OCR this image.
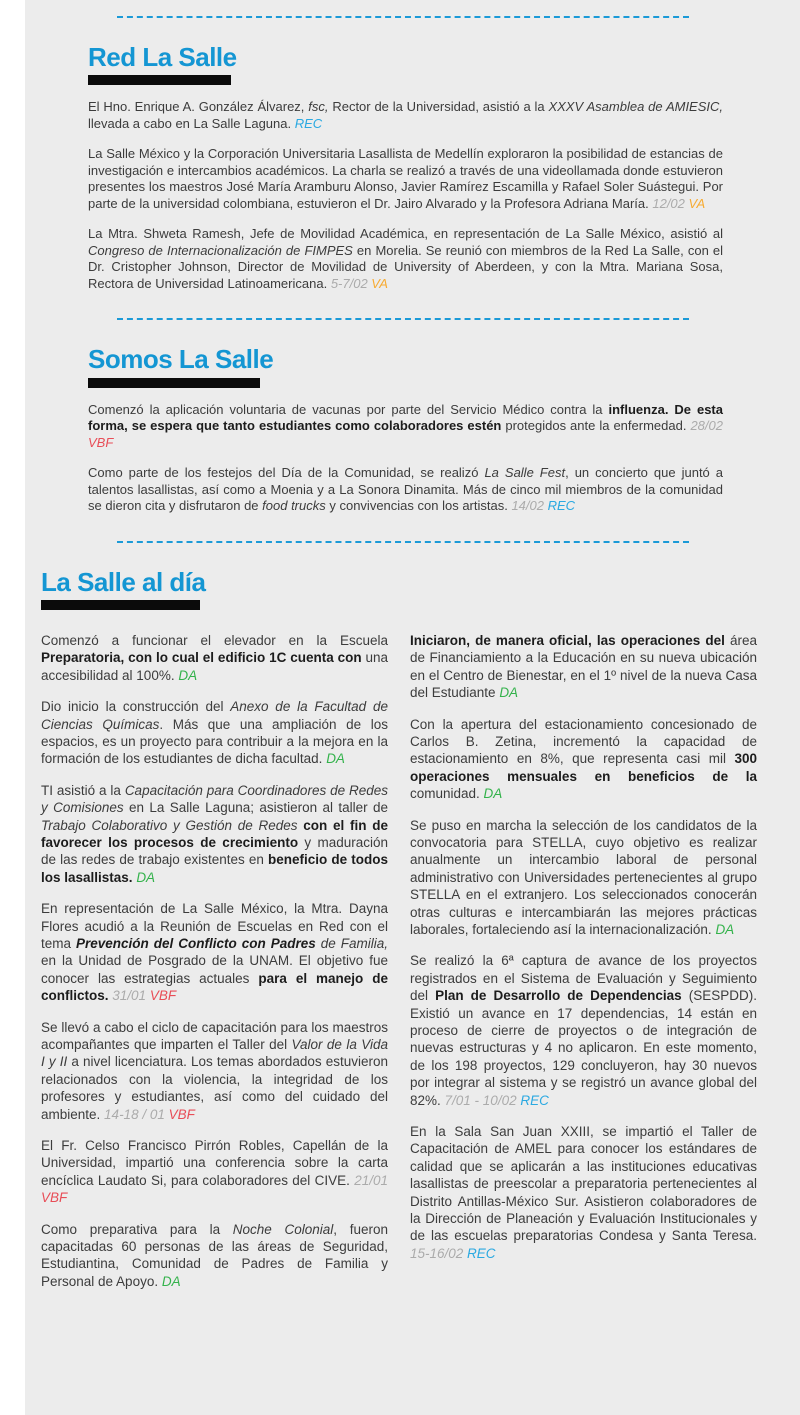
Red La Salle

El Hno. Enrique A. González Álvarez, fsc, Rector de la Universidad, asistió a la XXXV Asamblea de AMIESIC, llevada a cabo en La Salle Laguna. REC

La Salle México y la Corporación Universitaria Lasallista de Medellín exploraron la posibilidad de estancias de investigación e intercambios académicos. La charla se realizó a través de una videollamada donde estuvieron presentes los maestros José María Aramburu Alonso, Javier Ramírez Escamilla y Rafael Soler Suástegui. Por parte de la universidad colombiana, estuvieron el Dr. Jairo Alvarado y la Profesora Adriana María. 12/02 VA

La Mtra. Shweta Ramesh, Jefe de Movilidad Académica, en representación de La Salle México, asistió al Congreso de Internacionalización de FIMPES en Morelia. Se reunió con miembros de la Red La Salle, con el Dr. Cristopher Johnson, Director de Movilidad de University of Aberdeen, y con la Mtra. Mariana Sosa, Rectora de Universidad Latinoamericana. 5-7/02 VA

Somos La Salle

Comenzó la aplicación voluntaria de vacunas por parte del Servicio Médico contra la influenza. De esta forma, se espera que tanto estudiantes como colaboradores estén protegidos ante la enfermedad. 28/02 VBF

Como parte de los festejos del Día de la Comunidad, se realizó La Salle Fest, un concierto que juntó a talentos lasallistas, así como a Moenia y a La Sonora Dinamita. Más de cinco mil miembros de la comunidad se dieron cita y disfrutaron de food trucks y convivencias con los artistas. 14/02 REC

La Salle al día

Comenzó a funcionar el elevador en la Escuela Preparatoria, con lo cual el edificio 1C cuenta con una accesibilidad al 100%. DA

Dio inicio la construcción del Anexo de la Facultad de Ciencias Químicas. Más que una ampliación de los espacios, es un proyecto para contribuir a la mejora en la formación de los estudiantes de dicha facultad. DA

TI asistió a la Capacitación para Coordinadores de Redes y Comisiones en La Salle Laguna; asistieron al taller de Trabajo Colaborativo y Gestión de Redes con el fin de favorecer los procesos de crecimiento y maduración de las redes de trabajo existentes en beneficio de todos los lasallistas. DA

En representación de La Salle México, la Mtra. Dayna Flores acudió a la Reunión de Escuelas en Red con el tema Prevención del Conflicto con Padres de Familia, en la Unidad de Posgrado de la UNAM. El objetivo fue conocer las estrategias actuales para el manejo de conflictos. 31/01 VBF

Se llevó a cabo el ciclo de capacitación para los maestros acompañantes que imparten el Taller del Valor de la Vida I y II a nivel licenciatura. Los temas abordados estuvieron relacionados con la violencia, la integridad de los profesores y estudiantes, así como del cuidado del ambiente. 14-18 / 01 VBF

El Fr. Celso Francisco Pirrón Robles, Capellán de la Universidad, impartió una conferencia sobre la carta encíclica Laudato Si, para colaboradores del CIVE. 21/01 VBF

Como preparativa para la Noche Colonial, fueron capacitadas 60 personas de las áreas de Seguridad, Estudiantina, Comunidad de Padres de Familia y Personal de Apoyo. DA

Iniciaron, de manera oficial, las operaciones del área de Financiamiento a la Educación en su nueva ubicación en el Centro de Bienestar, en el 1º nivel de la nueva Casa del Estudiante DA

Con la apertura del estacionamiento concesionado de Carlos B. Zetina, incrementó la capacidad de estacionamiento en 8%, que representa casi mil 300 operaciones mensuales en beneficios de la comunidad. DA

Se puso en marcha la selección de los candidatos de la convocatoria para STELLA, cuyo objetivo es realizar anualmente un intercambio laboral de personal administrativo con Universidades pertenecientes al grupo STELLA en el extranjero. Los seleccionados conocerán otras culturas e intercambiarán las mejores prácticas laborales, fortaleciendo así la internacionalización. DA

Se realizó la 6ª captura de avance de los proyectos registrados en el Sistema de Evaluación y Seguimiento del Plan de Desarrollo de Dependencias (SESPDD). Existió un avance en 17 dependencias, 14 están en proceso de cierre de proyectos o de integración de nuevas estructuras y 4 no aplicaron. En este momento, de los 198 proyectos, 129 concluyeron, hay 30 nuevos por integrar al sistema y se registró un avance global del 82%. 7/01 - 10/02 REC

En la Sala San Juan XXIII, se impartió el Taller de Capacitación de AMEL para conocer los estándares de calidad que se aplicarán a las instituciones educativas lasallistas de preescolar a preparatoria pertenecientes al Distrito Antillas-México Sur. Asistieron colaboradores de la Dirección de Planeación y Evaluación Institucionales y de las escuelas preparatorias Condesa y Santa Teresa. 15-16/02 REC
